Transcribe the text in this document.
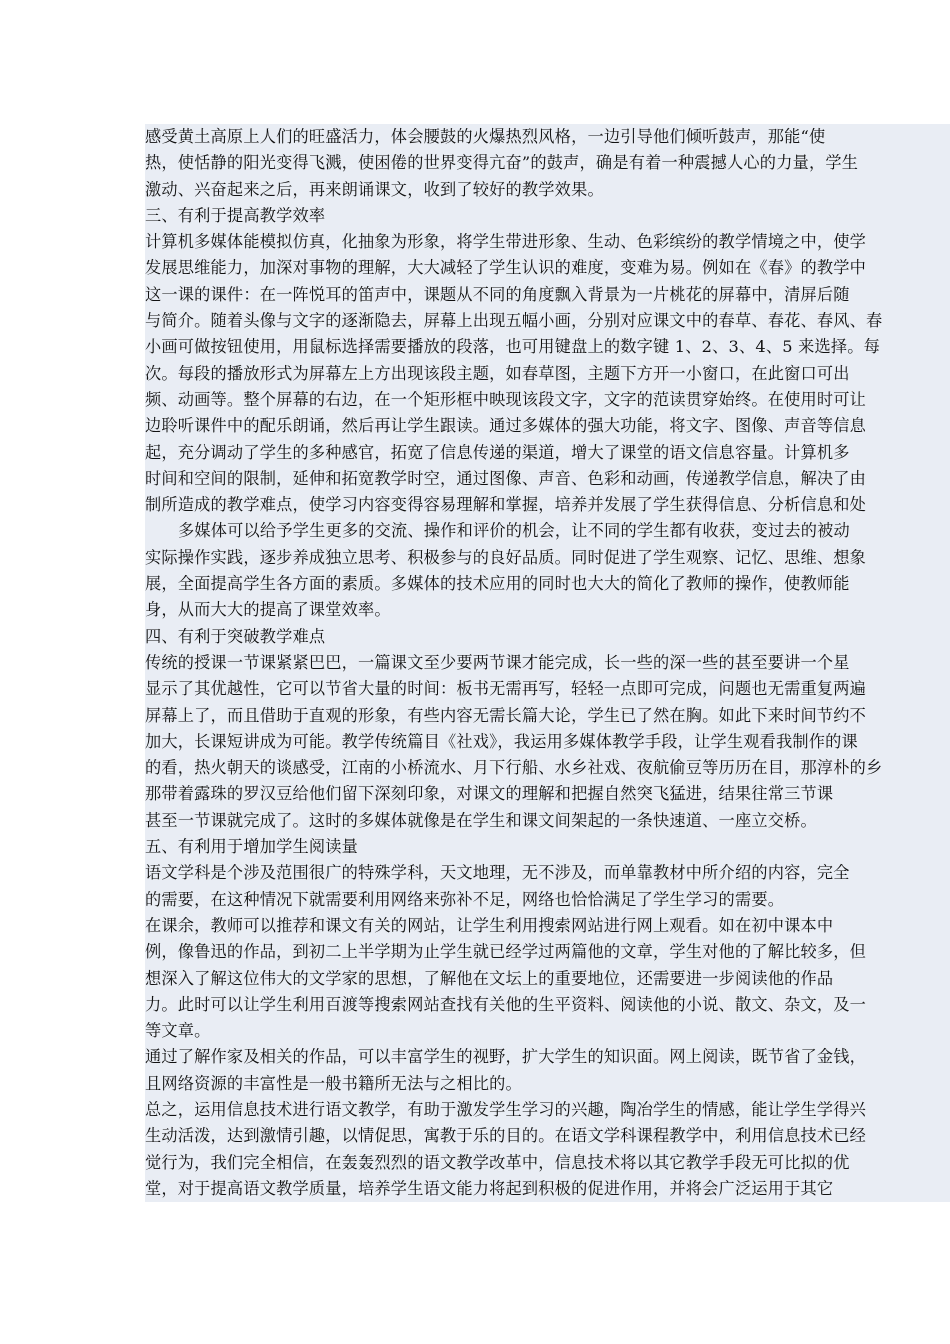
感受黄土高原上人们的旺盛活力，体会腰鼓的火爆热烈风格，一边引导他们倾听鼓声，那能“使
热，使恬静的阳光变得飞溅，使困倦的世界变得亢奋”的鼓声，确是有着一种震撼人心的力量，学生
激动、兴奋起来之后，再来朗诵课文，收到了较好的教学效果。
三、有利于提高教学效率
计算机多媒体能模拟仿真，化抽象为形象，将学生带进形象、生动、色彩缤纷的教学情境之中，使学
发展思维能力，加深对事物的理解，大大减轻了学生认识的难度，变难为易。例如在《春》的教学中
这一课的课件：在一阵悦耳的笛声中，课题从不同的角度飘入背景为一片桃花的屏幕中，清屏后随
与简介。随着头像与文字的逐渐隐去，屏幕上出现五幅小画，分别对应课文中的春草、春花、春风、春
小画可做按钮使用，用鼠标选择需要播放的段落，也可用键盘上的数字键 1、2、3、4、5 来选择。每
次。每段的播放形式为屏幕左上方出现该段主题，如春草图，主题下方开一小窗口，在此窗口可出
频、动画等。整个屏幕的右边，在一个矩形框中映现该段文字，文字的范读贯穿始终。在使用时可让
边聆听课件中的配乐朗诵，然后再让学生跟读。通过多媒体的强大功能，将文字、图像、声音等信息
起，充分调动了学生的多种感官，拓宽了信息传递的渠道，增大了课堂的语文信息容量。计算机多
时间和空间的限制，延伸和拓宽教学时空，通过图像、声音、色彩和动画，传递教学信息，解决了由
制所造成的教学难点，使学习内容变得容易理解和掌握，培养并发展了学生获得信息、分析信息和处
多媒体可以给予学生更多的交流、操作和评价的机会，让不同的学生都有收获，变过去的被动
实际操作实践，逐步养成独立思考、积极参与的良好品质。同时促进了学生观察、记忆、思维、想象
展，全面提高学生各方面的素质。多媒体的技术应用的同时也大大的简化了教师的操作，使教师能
身，从而大大的提高了课堂效率。
四、有利于突破教学难点
传统的授课一节课紧紧巴巴，一篇课文至少要两节课才能完成，长一些的深一些的甚至要讲一个星
显示了其优越性，它可以节省大量的时间：板书无需再写，轻轻一点即可完成，问题也无需重复两遍
屏幕上了，而且借助于直观的形象，有些内容无需长篇大论，学生已了然在胸。如此下来时间节约不
加大，长课短讲成为可能。教学传统篇目《社戏》，我运用多媒体教学手段，让学生观看我制作的课
的看，热火朝天的谈感受，江南的小桥流水、月下行船、水乡社戏、夜航偷豆等历历在目，那淳朴的乡
那带着露珠的罗汉豆给他们留下深刻印象，对课文的理解和把握自然突飞猛进，结果往常三节课
甚至一节课就完成了。这时的多媒体就像是在学生和课文间架起的一条快速道、一座立交桥。
五、有利用于增加学生阅读量
语文学科是个涉及范围很广的特殊学科，天文地理，无不涉及，而单靠教材中所介绍的内容，完全
的需要，在这种情况下就需要利用网络来弥补不足，网络也恰恰满足了学生学习的需要。
在课余，教师可以推荐和课文有关的网站，让学生利用搜索网站进行网上观看。如在初中课本中
例，像鲁迅的作品，到初二上半学期为止学生就已经学过两篇他的文章，学生对他的了解比较多，但
想深入了解这位伟大的文学家的思想，了解他在文坛上的重要地位，还需要进一步阅读他的作品
力。此时可以让学生利用百渡等搜索网站查找有关他的生平资料、阅读他的小说、散文、杂文，及一
等文章。
通过了解作家及相关的作品，可以丰富学生的视野，扩大学生的知识面。网上阅读，既节省了金钱，
且网络资源的丰富性是一般书籍所无法与之相比的。
总之，运用信息技术进行语文教学，有助于激发学生学习的兴趣，陶冶学生的情感，能让学生学得兴
生动活泼，达到激情引趣，以情促思，寓教于乐的目的。在语文学科课程教学中，利用信息技术已经
觉行为，我们完全相信，在轰轰烈烈的语文教学改革中，信息技术将以其它教学手段无可比拟的优
堂，对于提高语文教学质量，培养学生语文能力将起到积极的促进作用，并将会广泛运用于其它
